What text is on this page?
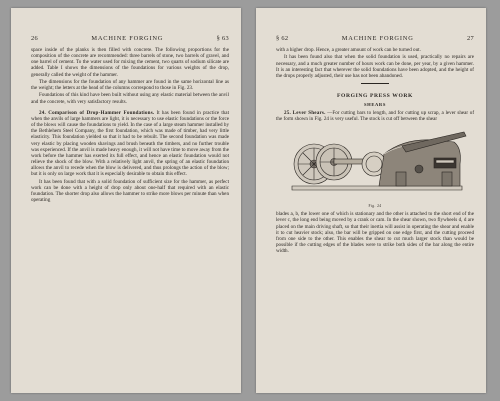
26	MACHINE FORGING	§ 63

space inside of the planks is then filled with concrete. The following proportions for the composition of the concrete are recommended: three barrels of stone, two barrels of gravel, and one barrel of cement. To the water used for mixing the cement, two quarts of sodium silicate are added. Table I shows the dimensions of the foundations for various weights of the drop, generally called the weight of the hammer.

The dimensions for the foundation of any hammer are found in the same horizontal line as the weight; the letters at the head of the columns correspond to those in Fig. 23.

Foundations of this kind have been built without using any elastic material between the anvil and the concrete, with very satisfactory results.

24. Comparison of Drop-Hammer Foundations. It has been found in practice that when the anvils of large hammers are light, it is necessary to use elastic foundations or the force of the blows will cause the foundations to yield. In the case of a large steam hammer installed by the Bethlehem Steel Company, the first foundation, which was made of timber, had very little elasticity. This foundation yielded so that it had to be rebuilt. The second foundation was made very elastic by placing wooden shavings and brush beneath the timbers, and no further trouble was experienced. If the anvil is made heavy enough, it will not have time to move away from the work before the hammer has exerted its full effect, and hence an elastic foundation would not relieve the shock of the blow. With a relatively light anvil, the spring of an elastic foundation allows the anvil to recede when the blow is delivered, and thus prolongs the action of the blow; but it is only on large work that it is especially desirable to obtain this effect.

It has been found that with a solid foundation of sufficient size for the hammer, as perfect work can be done with a height of drop only about one-half that required with an elastic foundation. The shorter drop also allows the hammer to strike more blows per minute than when operating

§ 62	MACHINE FORGING	27

with a higher drop. Hence, a greater amount of work can be turned out.

It has been found also that when the solid foundation is used, practically no repairs are necessary, and a much greater number of hours work can be done, per year, by a given hammer. It is an interesting fact that wherever the solid foundations have been adopted, and the height of the drops properly adjusted, their use has not been abandoned.

FORGING PRESS WORK
SHEARS

25. Lever Shears. —For cutting bars to length, and for cutting up scrap, a lever shear of the form shown in Fig. 24 is very useful. The stock is cut off between the shear

Fig. 24

blades a, b, the lower one of which is stationary and the other is attached to the short end of the lever c, the long end being moved by a crank or cam. In the shear shown, two flywheels d, d are placed on the main driving shaft, so that their inertia will assist in operating the shear and enable it to cut heavier stock; also, the bar will be gripped on one edge first, and the cutting proceed from one side to the other. This enables the shear to cut much larger stock than would be possible if the cutting edges of the blades were to strike both sides of the bar along the entire width.
